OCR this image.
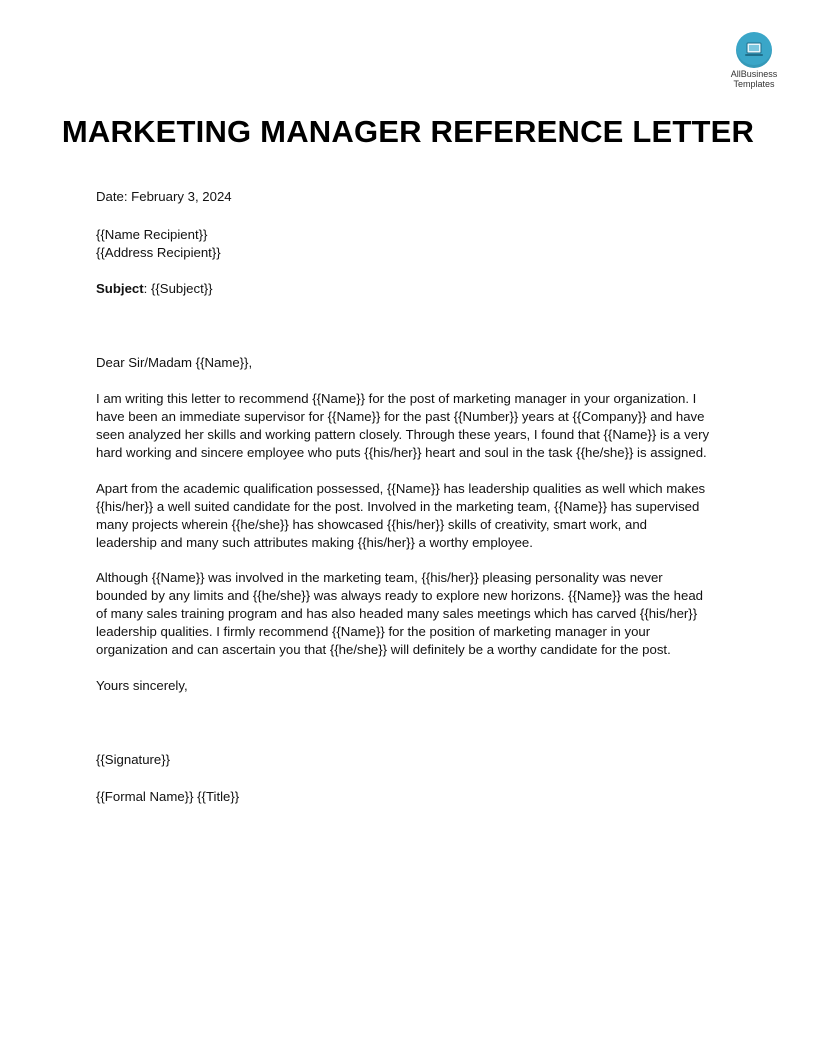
AllBusiness
Templates
MARKETING MANAGER REFERENCE LETTER
Date: February 3, 2024
{{Name Recipient}}
{{Address Recipient}}
Subject: {{Subject}}
Dear Sir/Madam {{Name}},
I am writing this letter to recommend {{Name}} for the post of marketing manager in your organization. I
have been an immediate supervisor for {{Name}} for the past {{Number}} years at {{Company}} and have
seen analyzed her skills and working pattern closely. Through these years, I found that {{Name}} is a very
hard working and sincere employee who puts {{his/her}} heart and soul in the task {{he/she}} is assigned.
Apart from the academic qualification possessed, {{Name}} has leadership qualities as well which makes
{{his/her}} a well suited candidate for the post. Involved in the marketing team, {{Name}} has supervised
many projects wherein {{he/she}} has showcased {{his/her}} skills of creativity, smart work, and
leadership and many such attributes making {{his/her}} a worthy employee.
Although {{Name}} was involved in the marketing team, {{his/her}} pleasing personality was never
bounded by any limits and {{he/she}} was always ready to explore new horizons. {{Name}} was the head
of many sales training program and has also headed many sales meetings which has carved {{his/her}}
leadership qualities. I firmly recommend {{Name}} for the position of marketing manager in your
organization and can ascertain you that {{he/she}} will definitely be a worthy candidate for the post.
Yours sincerely,
{{Signature}}
{{Formal Name}} {{Title}}
